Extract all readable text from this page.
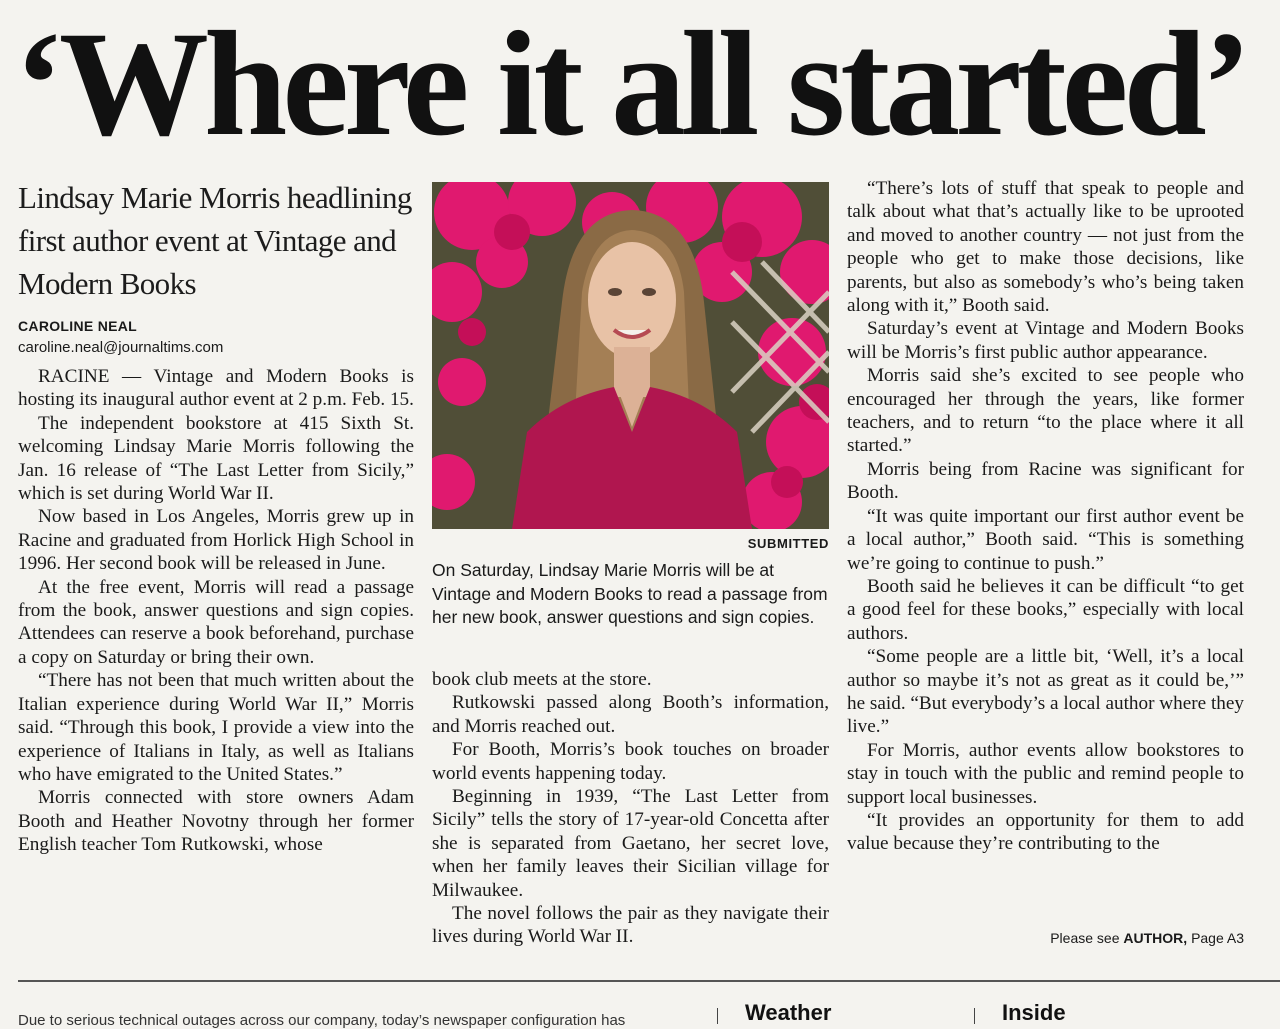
‘Where it all started’
Lindsay Marie Morris headlining first author event at Vintage and Modern Books
CAROLINE NEAL
caroline.neal@journaltims.com

RACINE — Vintage and Modern Books is hosting its inaugural author event at 2 p.m. Feb. 15.

The independent bookstore at 415 Sixth St. welcoming Lindsay Marie Morris following the Jan. 16 release of “The Last Letter from Sicily,” which is set during World War II.

Now based in Los Angeles, Morris grew up in Racine and graduated from Horlick High School in 1996. Her second book will be released in June.

At the free event, Morris will read a passage from the book, answer questions and sign copies. Attendees can reserve a book beforehand, purchase a copy on Saturday or bring their own.

“There has not been that much written about the Italian experience during World War II,” Morris said. “Through this book, I provide a view into the experience of Italians in Italy, as well as Italians who have emigrated to the United States.”

Morris connected with store owners Adam Booth and Heather Novotny through her former English teacher Tom Rutkowski, whose

SUBMITTED
On Saturday, Lindsay Marie Morris will be at Vintage and Modern Books to read a passage from her new book, answer questions and sign copies.

book club meets at the store.

Rutkowski passed along Booth’s information, and Morris reached out.

For Booth, Morris’s book touches on broader world events happening today.

Beginning in 1939, “The Last Letter from Sicily” tells the story of 17-year-old Concetta after she is separated from Gaetano, her secret love, when her family leaves their Sicilian village for Milwaukee.

The novel follows the pair as they navigate their lives during World War II.

“There’s lots of stuff that speak to people and talk about what that’s actually like to be uprooted and moved to another country — not just from the people who get to make those decisions, like parents, but also as somebody’s who’s being taken along with it,” Booth said.

Saturday’s event at Vintage and Modern Books will be Morris’s first public author appearance.

Morris said she’s excited to see people who encouraged her through the years, like former teachers, and to return “to the place where it all started.”

Morris being from Racine was significant for Booth.

“It was quite important our first author event be a local author,” Booth said. “This is something we’re going to continue to push.”

Booth said he believes it can be difficult “to get a good feel for these books,” especially with local authors.

“Some people are a little bit, ‘Well, it’s a local author so maybe it’s not as great as it could be,’” he said. “But everybody’s a local author where they live.”

For Morris, author events allow bookstores to stay in touch with the public and remind people to support local businesses.

“It provides an opportunity for them to add value because they’re contributing to the

Please see AUTHOR, Page A3
Due to serious technical outages across our company, today’s newspaper configuration has	Weather	Inside
